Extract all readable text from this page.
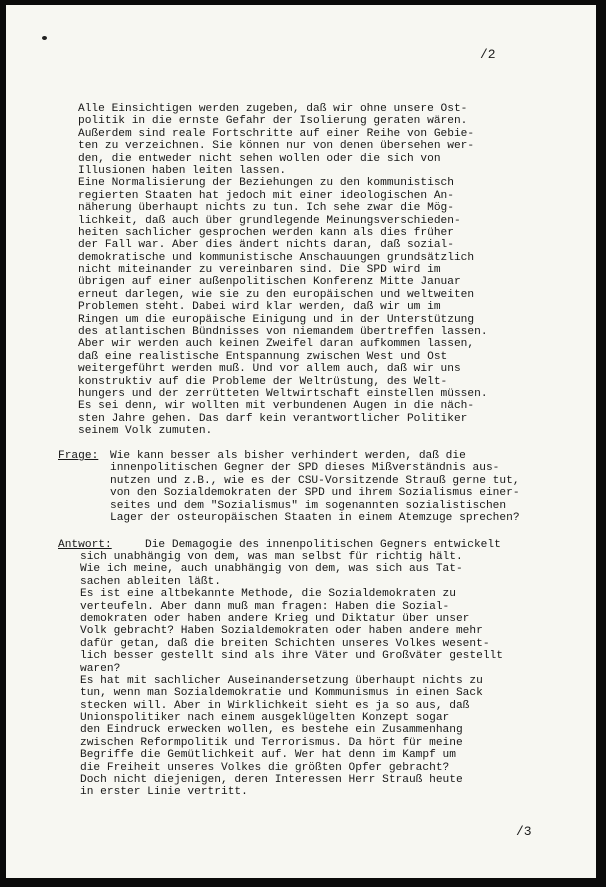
/2
Alle Einsichtigen werden zugeben, daß wir ohne unsere Ost-
politik in die ernste Gefahr der Isolierung geraten wären.
Außerdem sind reale Fortschritte auf einer Reihe von Gebie-
ten zu verzeichnen. Sie können nur von denen übersehen wer-
den, die entweder nicht sehen wollen oder die sich von
Illusionen haben leiten lassen.
Eine Normalisierung der Beziehungen zu den kommunistisch
regierten Staaten hat jedoch mit einer ideologischen An-
näherung überhaupt nichts zu tun. Ich sehe zwar die Mög-
lichkeit, daß auch über grundlegende Meinungsverschieden-
heiten sachlicher gesprochen werden kann als dies früher
der Fall war. Aber dies ändert nichts daran, daß sozial-
demokratische und kommunistische Anschauungen grundsätzlich
nicht miteinander zu vereinbaren sind. Die SPD wird im
übrigen auf einer außenpolitischen Konferenz Mitte Januar
erneut darlegen, wie sie zu den europäischen und weltweiten
Problemen steht. Dabei wird klar werden, daß wir um im
Ringen um die europäische Einigung und in der Unterstützung
des atlantischen Bündnisses von niemandem übertreffen lassen.
Aber wir werden auch keinen Zweifel daran aufkommen lassen,
daß eine realistische Entspannung zwischen West und Ost
weitergeführt werden muß. Und vor allem auch, daß wir uns
konstruktiv auf die Probleme der Weltrüstung, des Welt-
hungers und der zerrütteten Weltwirtschaft einstellen müssen.
Es sei denn, wir wollten mit verbundenen Augen in die näch-
sten Jahre gehen. Das darf kein verantwortlicher Politiker
seinem Volk zumuten.
Frage: Wie kann besser als bisher verhindert werden, daß die
innenpolitischen Gegner der SPD dieses Mißverständnis aus-
nutzen und z.B., wie es der CSU-Vorsitzende Strauß gerne tut,
von den Sozialdemokraten der SPD und ihrem Sozialismus einer-
seites und dem "Sozialismus" im sogenannten sozialistischen
Lager der osteuropäischen Staaten in einem Atemzuge sprechen?
Antwort:	Die Demagogie des innenpolitischen Gegners entwickelt
sich unabhängig von dem, was man selbst für richtig hält.
Wie ich meine, auch unabhängig von dem, was sich aus Tat-
sachen ableiten läßt.
Es ist eine altbekannte Methode, die Sozialdemokraten zu
verteufeln. Aber dann muß man fragen: Haben die Sozial-
demokraten oder haben andere Krieg und Diktatur über unser
Volk gebracht? Haben Sozialdemokraten oder haben andere mehr
dafür getan, daß die breiten Schichten unseres Volkes wesent-
lich besser gestellt sind als ihre Väter und Großväter gestellt
waren?
Es hat mit sachlicher Auseinandersetzung überhaupt nichts zu
tun, wenn man Sozialdemokratie und Kommunismus in einen Sack
stecken will. Aber in Wirklichkeit sieht es ja so aus, daß
Unionspolitiker nach einem ausgeklügelten Konzept sogar
den Eindruck erwecken wollen, es bestehe ein Zusammenhang
zwischen Reformpolitik und Terrorismus. Da hört für meine
Begriffe die Gemütlichkeit auf. Wer hat denn im Kampf um
die Freiheit unseres Volkes die größten Opfer gebracht?
Doch nicht diejenigen, deren Interessen Herr Strauß heute
in erster Linie vertritt.
/3
